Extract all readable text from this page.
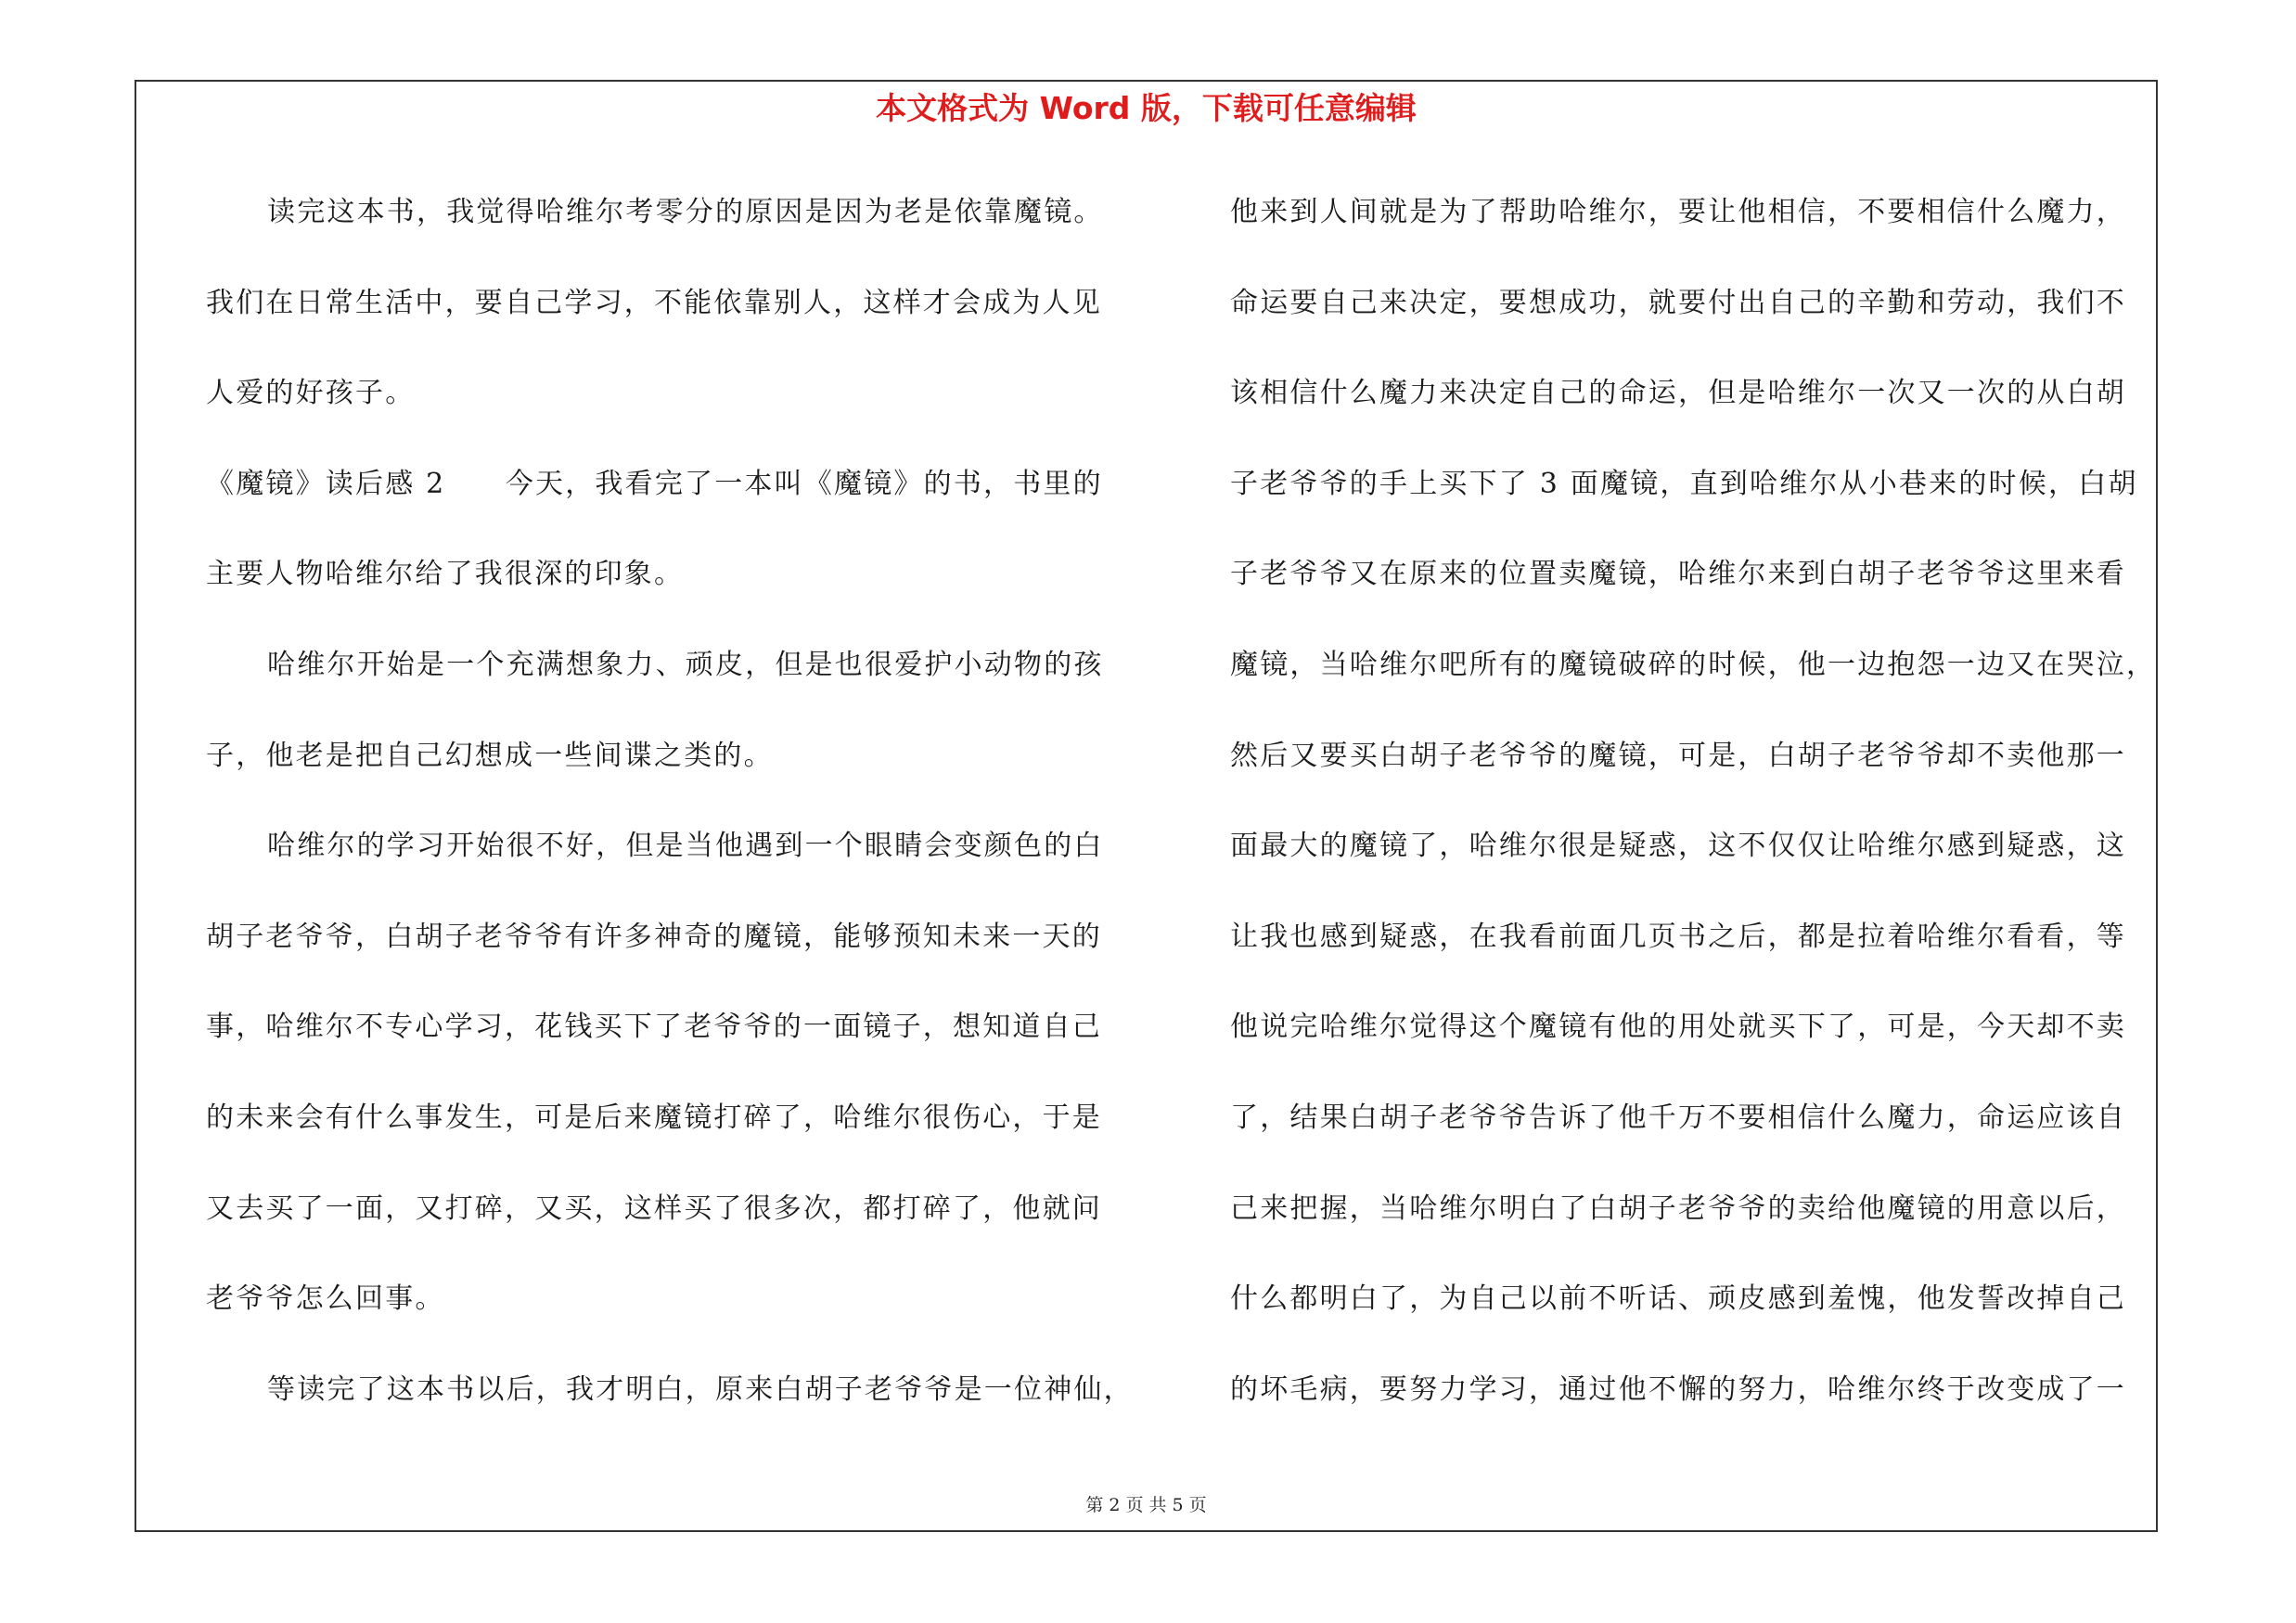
本文格式为 Word 版，下载可任意编辑
读完这本书，我觉得哈维尔考零分的原因是因为老是依靠魔镜。
我们在日常生活中，要自己学习，不能依靠别人，这样才会成为人见
人爱的好孩子。
《魔镜》读后感 2　　今天，我看完了一本叫《魔镜》的书，书里的
主要人物哈维尔给了我很深的印象。
哈维尔开始是一个充满想象力、顽皮，但是也很爱护小动物的孩
子，他老是把自己幻想成一些间谍之类的。
哈维尔的学习开始很不好，但是当他遇到一个眼睛会变颜色的白
胡子老爷爷，白胡子老爷爷有许多神奇的魔镜，能够预知未来一天的
事，哈维尔不专心学习，花钱买下了老爷爷的一面镜子，想知道自己
的未来会有什么事发生，可是后来魔镜打碎了，哈维尔很伤心，于是
又去买了一面，又打碎，又买，这样买了很多次，都打碎了，他就问
老爷爷怎么回事。
等读完了这本书以后，我才明白，原来白胡子老爷爷是一位神仙，
他来到人间就是为了帮助哈维尔，要让他相信，不要相信什么魔力，
命运要自己来决定，要想成功，就要付出自己的辛勤和劳动，我们不
该相信什么魔力来决定自己的命运，但是哈维尔一次又一次的从白胡
子老爷爷的手上买下了 3 面魔镜，直到哈维尔从小巷来的时候，白胡
子老爷爷又在原来的位置卖魔镜，哈维尔来到白胡子老爷爷这里来看
魔镜，当哈维尔吧所有的魔镜破碎的时候，他一边抱怨一边又在哭泣，
然后又要买白胡子老爷爷的魔镜，可是，白胡子老爷爷却不卖他那一
面最大的魔镜了，哈维尔很是疑惑，这不仅仅让哈维尔感到疑惑，这
让我也感到疑惑，在我看前面几页书之后，都是拉着哈维尔看看，等
他说完哈维尔觉得这个魔镜有他的用处就买下了，可是，今天却不卖
了，结果白胡子老爷爷告诉了他千万不要相信什么魔力，命运应该自
己来把握，当哈维尔明白了白胡子老爷爷的卖给他魔镜的用意以后，
什么都明白了，为自己以前不听话、顽皮感到羞愧，他发誓改掉自己
的坏毛病，要努力学习，通过他不懈的努力，哈维尔终于改变成了一
第 2 页 共 5 页
